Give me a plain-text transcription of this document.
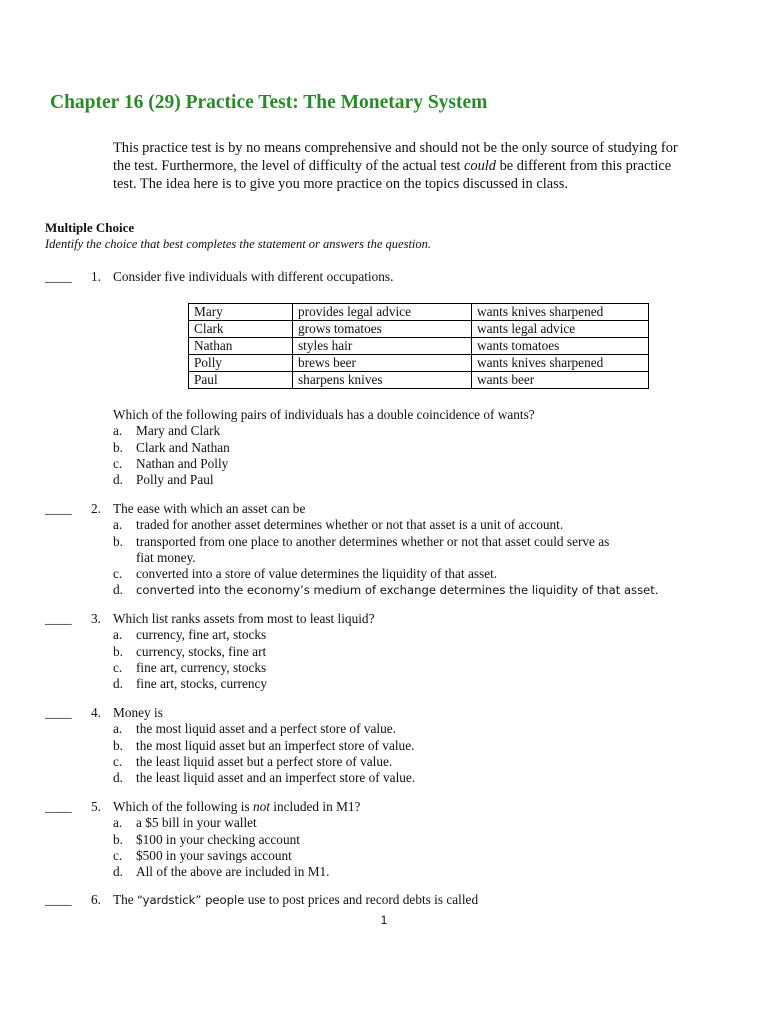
Chapter 16 (29) Practice Test: The Monetary System

This practice test is by no means comprehensive and should not be the only source of studying for

the test. Furthermore, the level of difficulty of the actual test could be different from this practice

test. The idea here is to give you more practice on the topics discussed in class.

Multiple Choice
Identify the choice that best completes the statement or answers the question.
____ 1. Consider five individuals with different occupations.
Mary	provides legal advice	wants knives sharpened
Clark	grows tomatoes	wants legal advice
Nathan	styles hair	wants tomatoes
Polly	brews beer	wants knives sharpened
Paul	sharpens knives	wants beer
Which of the following pairs of individuals has a double coincidence of wants?
a. Mary and Clark
b. Clark and Nathan
c. Nathan and Polly
d. Polly and Paul
____ 2. The ease with which an asset can be
a. traded for another asset determines whether or not that asset is a unit of account.
b. transported from one place to another determines whether or not that asset could serve as
fiat money.
c. converted into a store of value determines the liquidity of that asset.
d. converted into the economy’s medium of exchange determines the liquidity of that asset.
____ 3. Which list ranks assets from most to least liquid?
a. currency, fine art, stocks
b. currency, stocks, fine art
c. fine art, currency, stocks
d. fine art, stocks, currency
____ 4. Money is
a. the most liquid asset and a perfect store of value.
b. the most liquid asset but an imperfect store of value.
c. the least liquid asset but a perfect store of value.
d. the least liquid asset and an imperfect store of value.
____ 5. Which of the following is not included in M1?
a. a $5 bill in your wallet
b. $100 in your checking account
c. $500 in your savings account
d. All of the above are included in M1.
____ 6. The “yardstick” people use to post prices and record debts is called
1
